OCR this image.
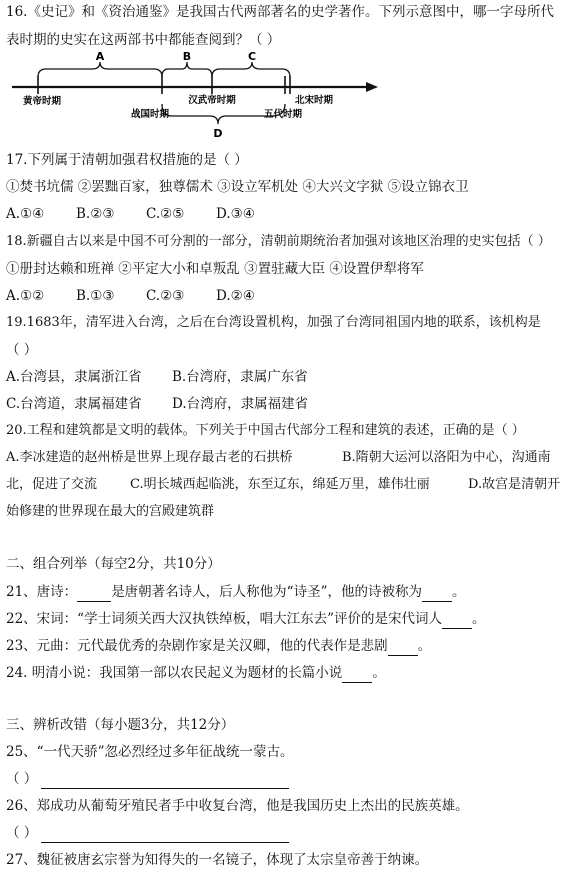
16.《史记》和《资治通鉴》是我国古代两部著名的史学著作。下列示意图中，哪一字母所代
表时期的史实在这两部书中都能查阅到？（ ）
A	B	C
D
黄帝时期
战国时期
汉武帝时期
五代时期
北宋时期
17.下列属于清朝加强君权措施的是（ ）
①焚书坑儒 ②罢黜百家，独尊儒术 ③设立军机处 ④大兴文字狱 ⑤设立锦衣卫
A.①④ B.②③ C.②⑤ D.③④
18.新疆自古以来是中国不可分割的一部分，清朝前期统治者加强对该地区治理的史实包括（ ）
①册封达赖和班禅 ②平定大小和卓叛乱 ③置驻藏大臣 ④设置伊犁将军
A.①② B.①③ C.②③ D.②④
19.1683年，清军进入台湾，之后在台湾设置机构，加强了台湾同祖国内地的联系，该机构是
（ ）
A.台湾县，隶属浙江省 B.台湾府，隶属广东省
C.台湾道，隶属福建省 D.台湾府，隶属福建省
20.工程和建筑都是文明的载体。下列关于中国古代部分工程和建筑的表述，正确的是（ ）
A.李冰建造的赵州桥是世界上现存最古老的石拱桥	B.隋朝大运河以洛阳为中心，沟通南
北，促进了交流	C.明长城西起临洮，东至辽东，绵延万里，雄伟壮丽	D.故宫是清朝开
始修建的世界现在最大的宫殿建筑群
二、组合列举（每空2分，共10分）
21、唐诗：	是唐朝著名诗人，后人称他为“诗圣”，他的诗被称为 。
22、宋词：“学士词须关西大汉执铁绰板，唱大江东去”评价的是宋代词人 。
23、元曲：元代最优秀的杂剧作家是关汉卿，他的代表作是悲剧 。
24. 明清小说：我国第一部以农民起义为题材的长篇小说 。
三、辨析改错（每小题3分，共12分）
25、“一代天骄”忽必烈经过多年征战统一蒙古。
（ ）
26、郑成功从葡萄牙殖民者手中收复台湾，他是我国历史上杰出的民族英雄。
（ ）
27、魏征被唐玄宗誉为知得失的一名镜子，体现了太宗皇帝善于纳谏。
